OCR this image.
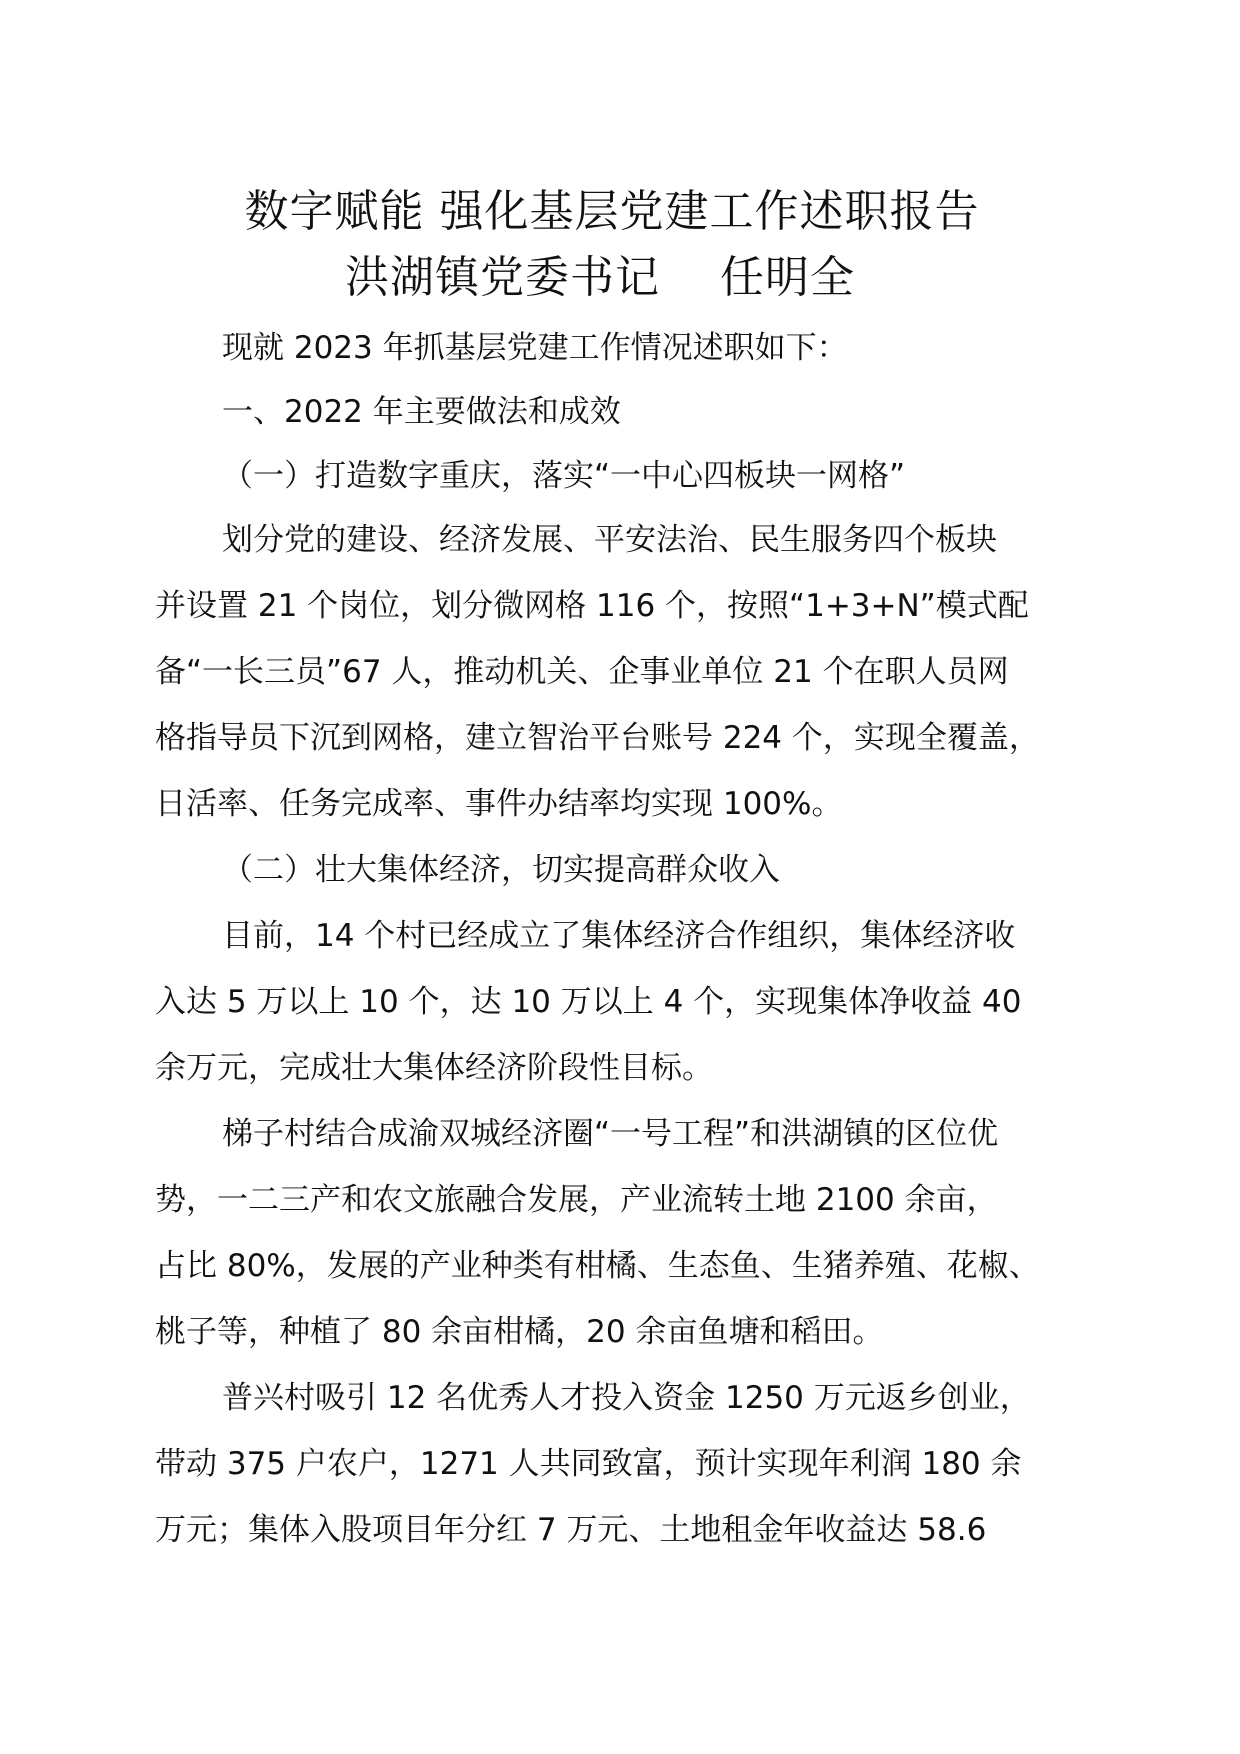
数字赋能 强化基层党建工作述职报告
洪湖镇党委书记    任明全
现就 2023 年抓基层党建工作情况述职如下：
一、2022 年主要做法和成效
（一）打造数字重庆，落实“一中心四板块一网格”
划分党的建设、经济发展、平安法治、民生服务四个板块
并设置 21 个岗位，划分微网格 116 个，按照“1+3+N”模式配
备“一长三员”67 人，推动机关、企事业单位 21 个在职人员网
格指导员下沉到网格，建立智治平台账号 224 个，实现全覆盖，
日活率、任务完成率、事件办结率均实现 100%。
（二）壮大集体经济，切实提高群众收入
目前，14 个村已经成立了集体经济合作组织，集体经济收
入达 5 万以上 10 个，达 10 万以上 4 个，实现集体净收益 40
余万元，完成壮大集体经济阶段性目标。
梯子村结合成渝双城经济圈“一号工程”和洪湖镇的区位优
势，一二三产和农文旅融合发展，产业流转土地 2100 余亩，
占比 80%，发展的产业种类有柑橘、生态鱼、生猪养殖、花椒、
桃子等，种植了 80 余亩柑橘，20 余亩鱼塘和稻田。
普兴村吸引 12 名优秀人才投入资金 1250 万元返乡创业，
带动 375 户农户，1271 人共同致富，预计实现年利润 180 余
万元；集体入股项目年分红 7 万元、土地租金年收益达 58.6
